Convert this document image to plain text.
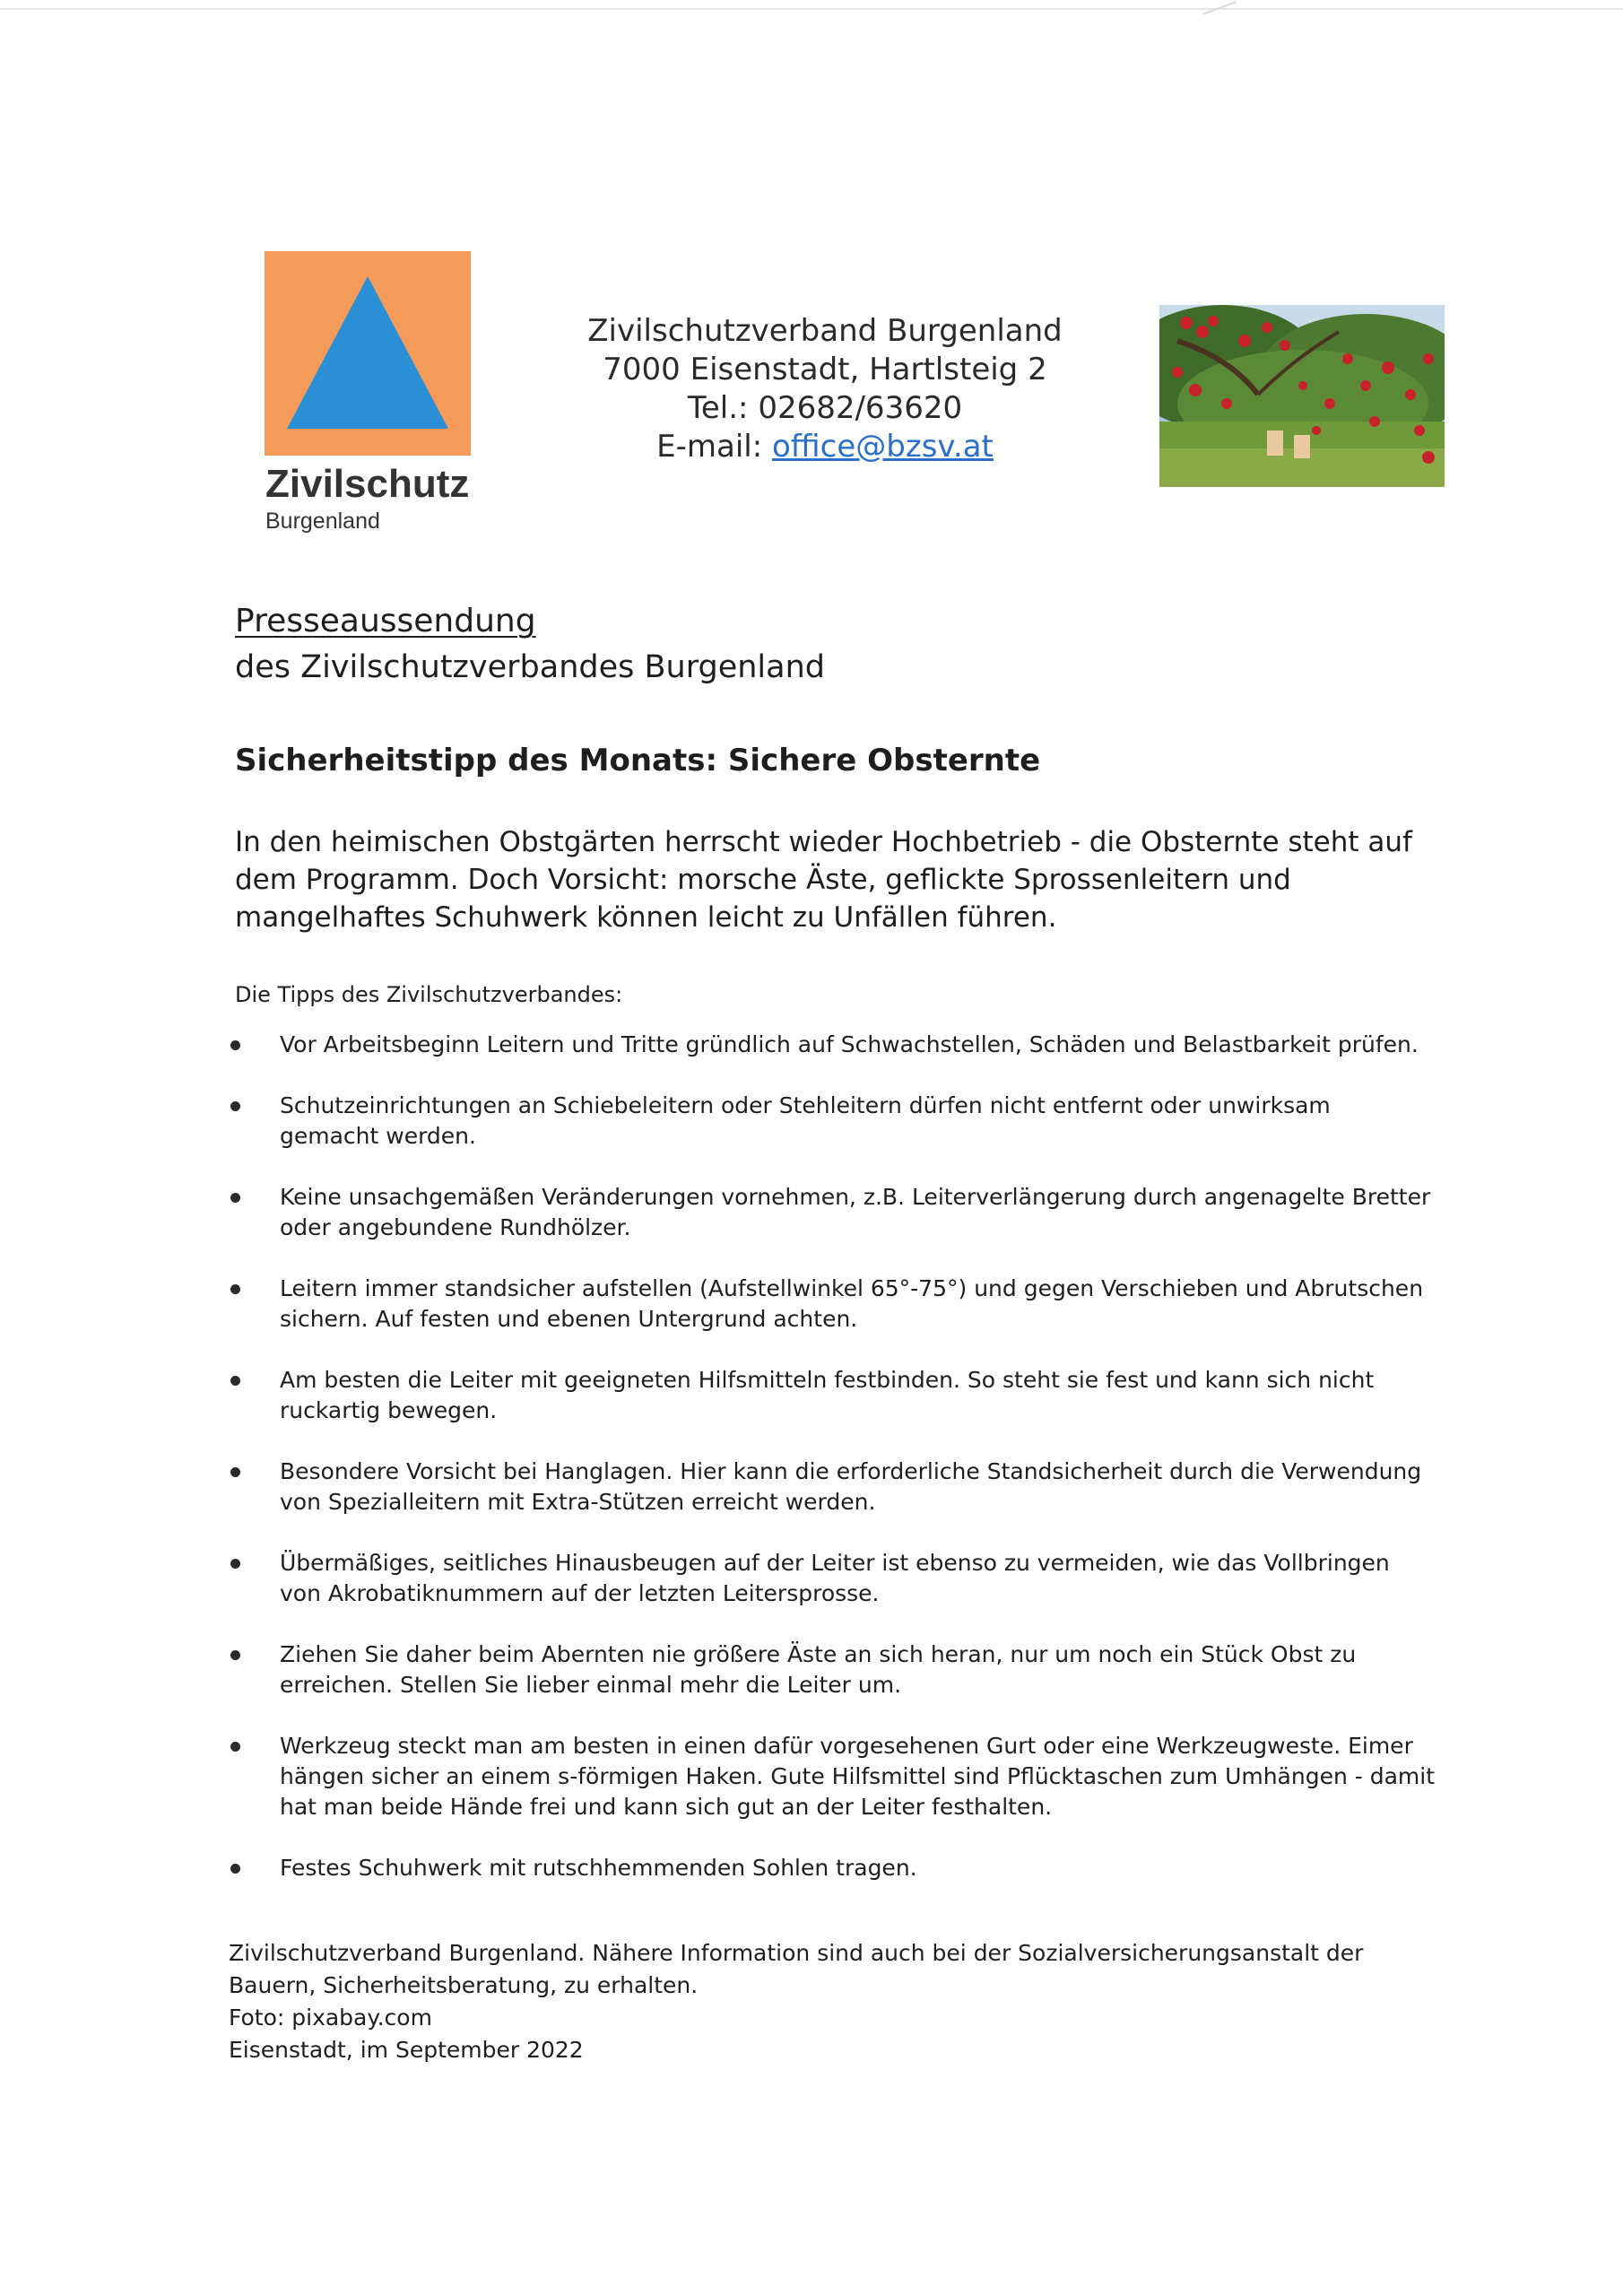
Zivilschutz
Burgenland
Zivilschutzverband Burgenland
7000 Eisenstadt, Hartlsteig 2
Tel.: 02682/63620
E-mail: office@bzsv.at
Presseaussendung
des Zivilschutzverbandes Burgenland
Sicherheitstipp des Monats: Sichere Obsternte
In den heimischen Obstgärten herrscht wieder Hochbetrieb - die Obsternte steht auf dem Programm. Doch Vorsicht: morsche Äste, geflickte Sprossenleitern und mangelhaftes Schuhwerk können leicht zu Unfällen führen.
Die Tipps des Zivilschutzverbandes:
Vor Arbeitsbeginn Leitern und Tritte gründlich auf Schwachstellen, Schäden und Belastbarkeit prüfen.
Schutzeinrichtungen an Schiebeleitern oder Stehleitern dürfen nicht entfernt oder unwirksam gemacht werden.
Keine unsachgemäßen Veränderungen vornehmen, z.B. Leiterverlängerung durch angenagelte Bretter oder angebundene Rundhölzer.
Leitern immer standsicher aufstellen (Aufstellwinkel 65°-75°) und gegen Verschieben und Abrutschen sichern. Auf festen und ebenen Untergrund achten.
Am besten die Leiter mit geeigneten Hilfsmitteln festbinden. So steht sie fest und kann sich nicht ruckartig bewegen.
Besondere Vorsicht bei Hanglagen. Hier kann die erforderliche Standsicherheit durch die Verwendung von Spezialleitern mit Extra-Stützen erreicht werden.
Übermäßiges, seitliches Hinausbeugen auf der Leiter ist ebenso zu vermeiden, wie das Vollbringen von Akrobatiknummern auf der letzten Leitersprosse.
Ziehen Sie daher beim Abernten nie größere Äste an sich heran, nur um noch ein Stück Obst zu erreichen. Stellen Sie lieber einmal mehr die Leiter um.
Werkzeug steckt man am besten in einen dafür vorgesehenen Gurt oder eine Werkzeugweste. Eimer hängen sicher an einem s-förmigen Haken. Gute Hilfsmittel sind Pflücktaschen zum Umhängen - damit hat man beide Hände frei und kann sich gut an der Leiter festhalten.
Festes Schuhwerk mit rutschhemmenden Sohlen tragen.
Zivilschutzverband Burgenland. Nähere Information sind auch bei der Sozialversicherungsanstalt der Bauern, Sicherheitsberatung, zu erhalten.
Foto: pixabay.com
Eisenstadt, im September 2022
